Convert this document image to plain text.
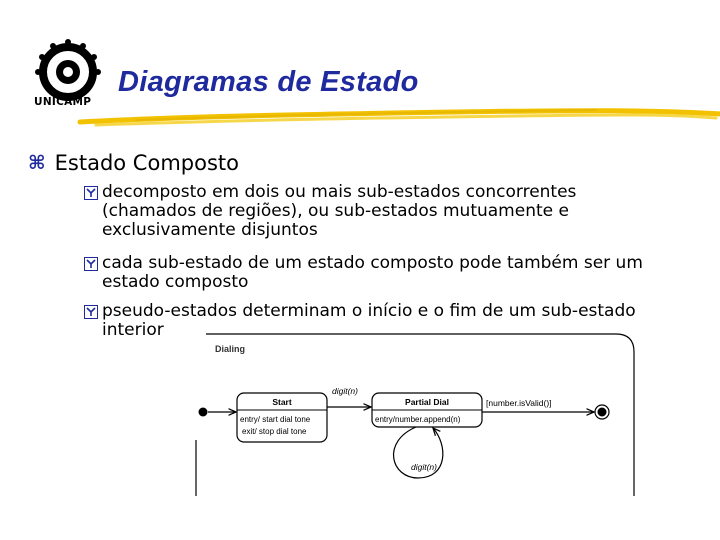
UNICAMP
Diagramas de Estado
⌘ Estado Composto
decomposto em dois ou mais sub-estados concorrentes
(chamados de regiões), ou sub-estados mutuamente e
exclusivamente disjuntos
cada sub-estado de um estado composto pode também ser um
estado composto
pseudo-estados determinam o início e o fim de um sub-estado
interior
Dialing
Start
entry/ start dial tone
exit/ stop dial tone
digit(n)
Partial Dial
entry/number.append(n)
digit(n)
[number.isValid()]
